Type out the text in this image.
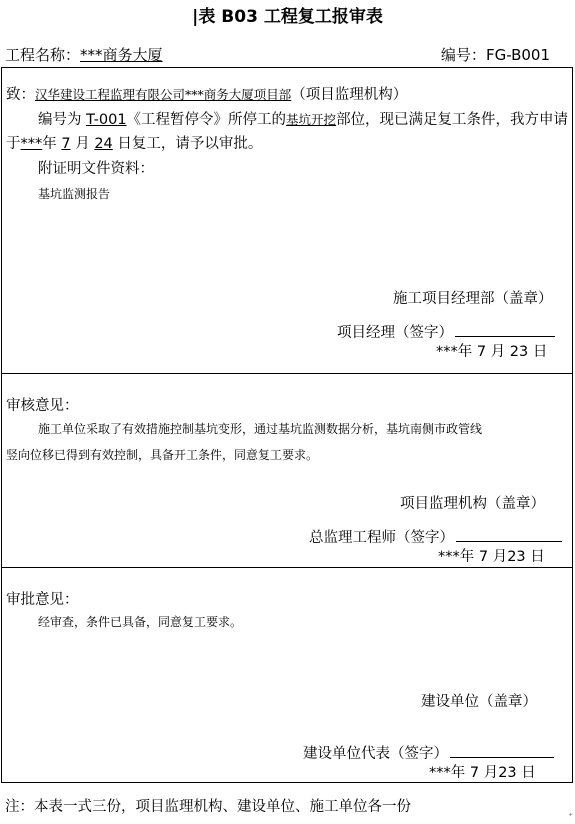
|表 B03 工程复工报审表
工程名称：***商务大厦	编号：FG-B001
致：汉华建设工程监理有限公司***商务大厦项目部（项目监理机构）
编号为 T-001《工程暂停令》所停工的基坑开挖部位，现已满足复工条件，我方申请
于***年 7 月 24 日复工，请予以审批。
附证明文件资料：
基坑监测报告
施工项目经理部（盖章）
项目经理（签字）
***年 7 月 23 日
审核意见：
施工单位采取了有效措施控制基坑变形，通过基坑监测数据分析，基坑南侧市政管线
竖向位移已得到有效控制，具备开工条件，同意复工要求。
项目监理机构（盖章）
总监理工程师（签字）
***年 7 月23 日
审批意见：
经审查，条件已具备，同意复工要求。
建设单位（盖章）
建设单位代表（签字）
***年 7 月23 日
注：本表一式三份，项目监理机构、建设单位、施工单位各一份
⁺
